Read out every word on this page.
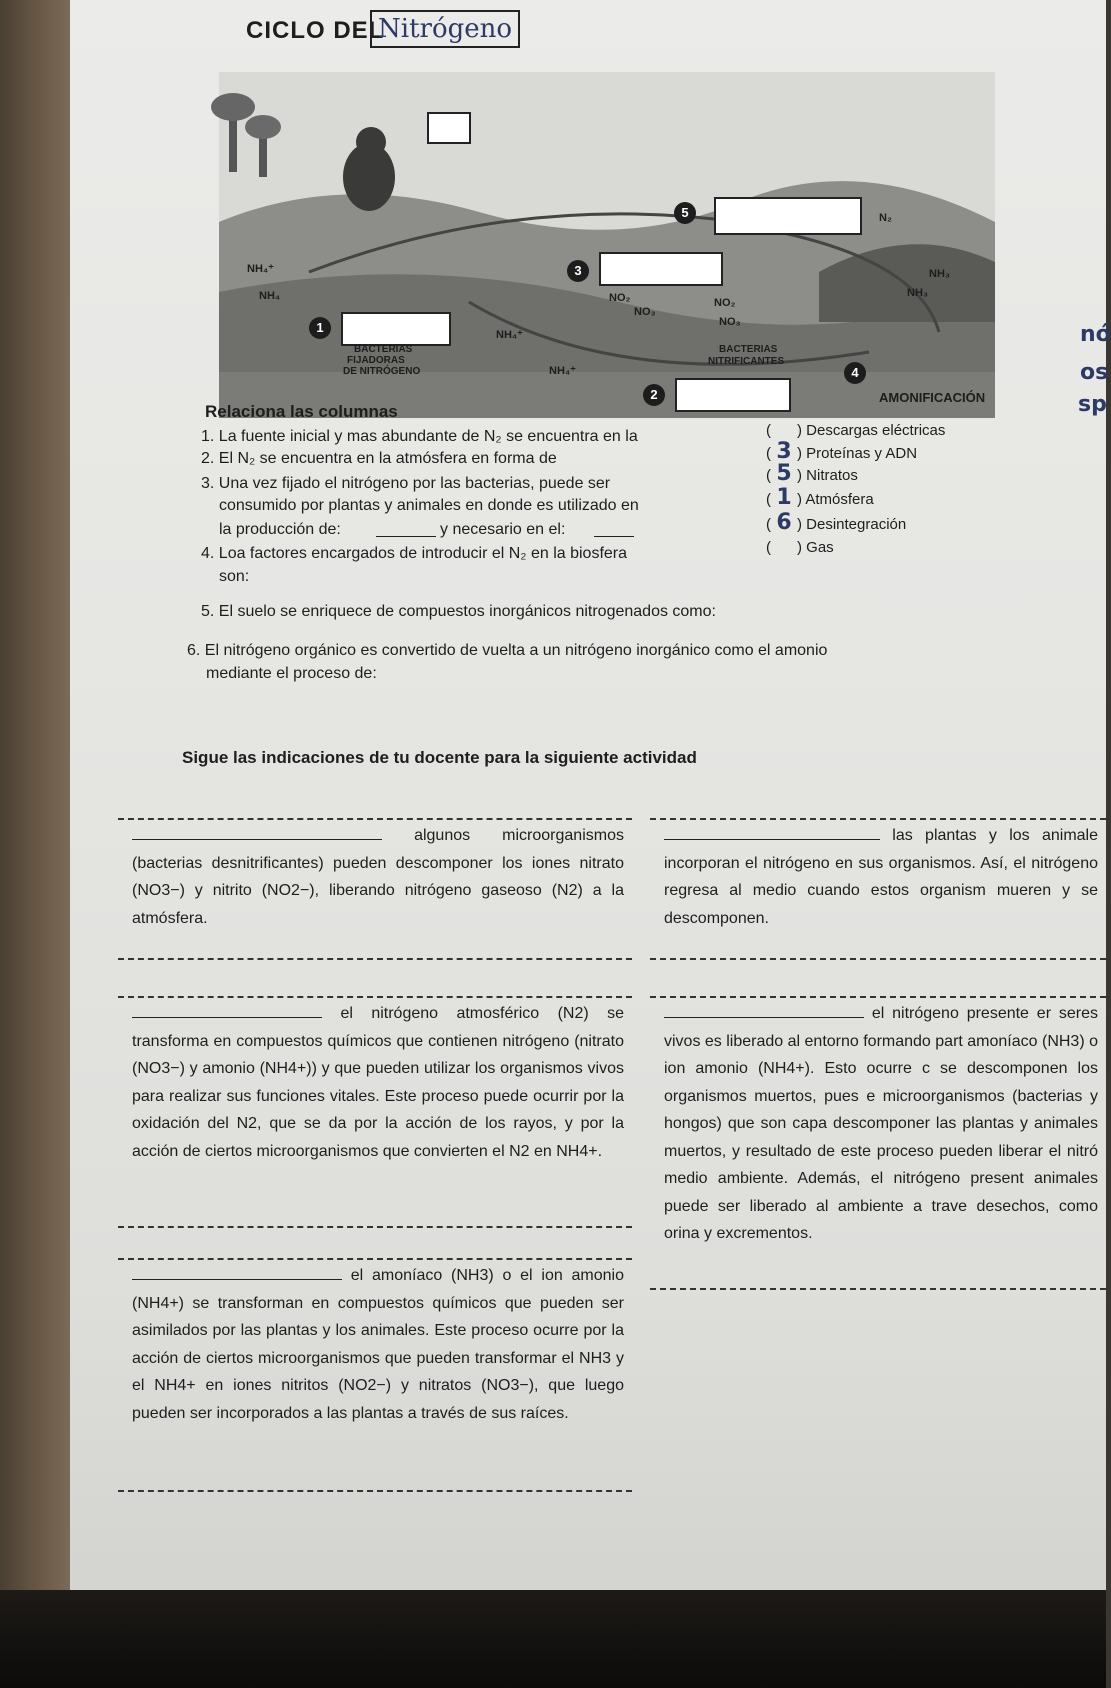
CICLO DEL
Nitrógeno
nó
os
sp
5
3
1
2
4
NH₄⁺
NH₄
NH₄⁺
NH₄⁺
NO₂	NO₂
NO₃
NO₃
N₂
NH₃
NH₃
BACTERIAS
FIJADORAS
DE NITRÓGENO
BACTERIAS
NITRIFICANTES
AMONIFICACIÓN
Relaciona las columnas
1. La fuente inicial y mas abundante de N₂ se encuentra en la
2. El N₂ se encuentra en la atmósfera en forma de
3. Una vez fijado el nitrógeno por las bacterias, puede ser
consumido por plantas y animales en donde es utilizado en
la producción de:	y necesario en el:
4. Loa factores encargados de introducir el N₂ en la biosfera
son:
5. El suelo se enriquece de compuestos inorgánicos nitrogenados como:
6. El nitrógeno orgánico es convertido de vuelta a un nitrógeno inorgánico como el amonio
mediante el proceso de:
( ) Descargas eléctricas
( 3 ) Proteínas y ADN
( 5 ) Nitratos
( 1 ) Atmósfera
( 6 ) Desintegración
( ) Gas
Sigue las indicaciones de tu docente para la siguiente actividad
algunos microorganismos (bacterias desnitrificantes) pueden descomponer los iones nitrato (NO3−) y nitrito (NO2−), liberando nitrógeno gaseoso (N2) a la atmósfera.
las plantas y los animale incorporan el nitrógeno en sus organismos. Así, el nitrógeno regresa al medio cuando estos organism mueren y se descomponen.
el nitrógeno atmosférico (N2) se transforma en compuestos químicos que contienen nitrógeno (nitrato (NO3−) y amonio (NH4+)) y que pueden utilizar los organismos vivos para realizar sus funciones vitales. Este proceso puede ocurrir por la oxidación del N2, que se da por la acción de los rayos, y por la acción de ciertos microorganismos que convierten el N2 en NH4+.
el nitrógeno presente er seres vivos es liberado al entorno formando part amoníaco (NH3) o ion amonio (NH4+). Esto ocurre c se descomponen los organismos muertos, pues e microorganismos (bacterias y hongos) que son capa descomponer las plantas y animales muertos, y resultado de este proceso pueden liberar el nitró medio ambiente. Además, el nitrógeno present animales puede ser liberado al ambiente a trave desechos, como orina y excrementos.
el amoníaco (NH3) o el ion amonio (NH4+) se transforman en compuestos químicos que pueden ser asimilados por las plantas y los animales. Este proceso ocurre por la acción de ciertos microorganismos que pueden transformar el NH3 y el NH4+ en iones nitritos (NO2−) y nitratos (NO3−), que luego pueden ser incorporados a las plantas a través de sus raíces.
